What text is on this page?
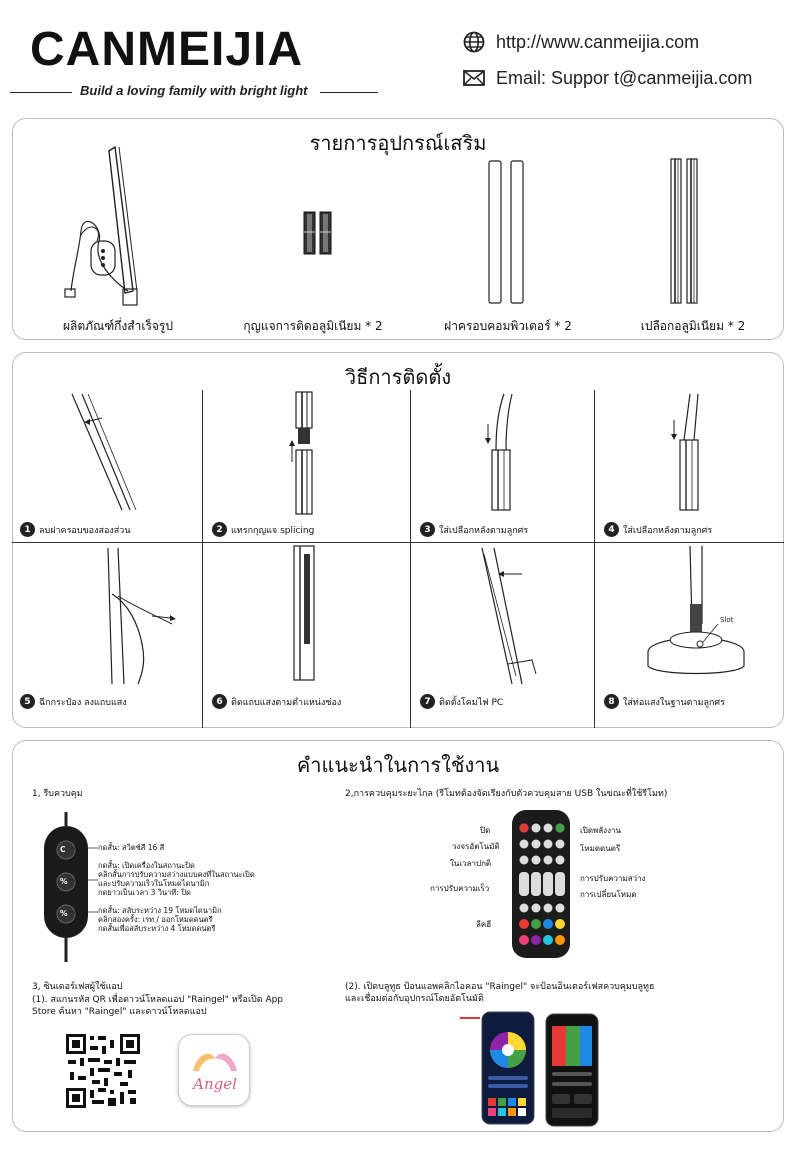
CANMEIJIA
Build a loving family with bright light
http://www.canmeijia.com
Email: Suppor t@canmeijia.com
รายการอุปกรณ์เสริม
ผลิตภัณฑ์กึ่งสำเร็จรูป	กุญแจการติดอลูมิเนียม * 2	ฝาครอบคอมพิวเตอร์ * 2	เปลือกอลูมิเนียม * 2
วิธีการติดตั้ง
1 ลบฝาครอบของสองส่วน	2 แทรกกุญแจ splicing	3 ใส่เปลือกหลังตามลูกศร	4 ใส่เปลือกหลังตามลูกศร
5 ฉีกกระป๋อง ลงแถบแสง	6 ติดแถบแสงตามตำแหน่งช่อง	7 ติดตั้งโคมไฟ PC
Slot
8 ใส่ท่อแสงในฐานตามลูกศร
คำแนะนำในการใช้งาน
1, รีบควบคุม
C
%
%
กดสั้น: สวิตช์สี 16 สี
กดสั้น: เปิดเครื่องในสถานะปิด
คลิกสั้นการปรับความสว่างแบบคงที่ในสถานะเปิด
และปรับความเร็วในโหมดไดนามิก
กดยาวเป็นเวลา 3 วินาที: ปิด
กดสั้น: สลับระหว่าง 19 โหมดไดนามิก
คลิกสองครั้ง: เรท / ออกโหมดดนตรี
กดสั้นเพื่อสลับระหว่าง 4 โหมดดนตรี
2,การควบคุมระยะไกล (รีโมทต้องจัดเรียงกับตัวควบคุมสาย USB ในขณะที่ใช้รีโมท)
ปิด
วงจรอัตโนมัติ
ในเวลาปกติ
การปรับความเร็ว
ลีคฮี
เปิดพลังงาน
โหมดดนตรี
การปรับความสว่าง
การเปลี่ยนโหมด
3, ซินเดอร์เฟสผู้ใช้แอป
(1). สแกนรหัส QR เพื่อดาวน์โหลดแอป "Raingel" หรือเปิด App
Store ค้นหา "Raingel" และดาวน์โหลดแอป
Angel
(2). เปิดบลูทูธ ป้อนแอพคลิกไอคอน "Raingel" จะป้อนอินเตอร์เฟสควบคุมบลูทูธ
และเชื่อมต่อกับอุปกรณ์โดยอัตโนมัติ
